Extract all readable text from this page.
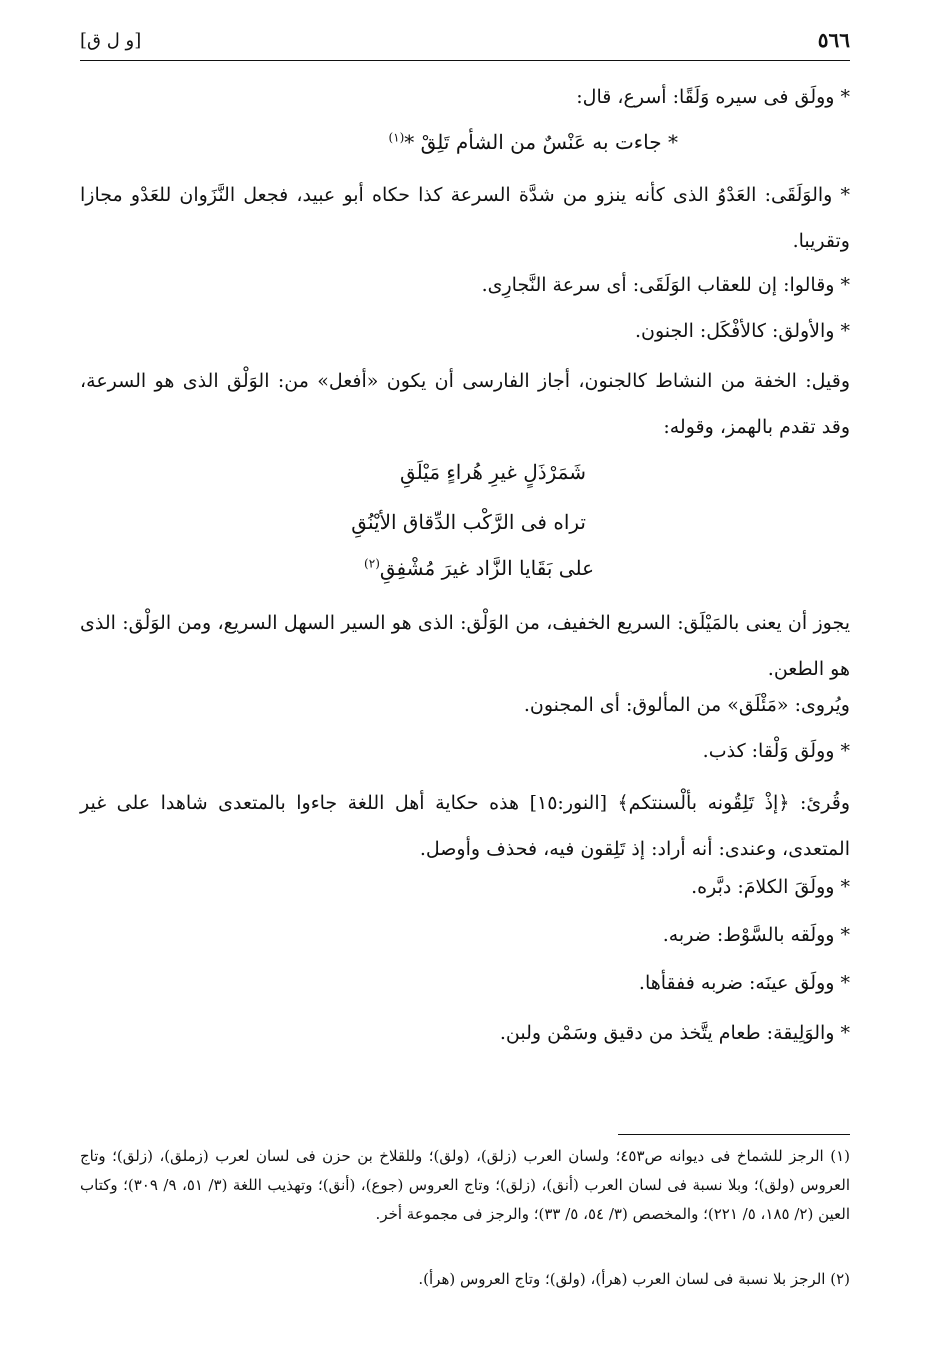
٥٦٦
[و ل ق]
* وولَق فى سيره وَلَقًا: أسرع، قال:
* جاءت به عَنْسٌ من الشأم تَلِقْ *$^{(١)}$
* والوَلَقَى: العَدْوُ الذى كأنه ينزو من شدَّة السرعة كذا حكاه أبو عبيد، فجعل النَّزَوان للعَدْو مجازا وتقريبا.
* وقالوا: إن للعقاب الوَلَقَى: أى سرعة النَّجارِى.
* والأولق: كالأفْكَل: الجنون.
وقيل: الخفة من النشاط كالجنون، أجاز الفارسى أن يكون «أفعل» من: الوَلْق الذى هو السرعة، وقد تقدم بالهمز، وقوله:
شَمَرْذَلٍ غيرِ هُراءٍ مَيْلَقِ
تراه فى الرَّكْب الدِّقاق الأيْنُقِ
على بَقَايا الزَّاد غيرَ مُشْفِقِ$^{(٢)}$
يجوز أن يعنى بالمَيْلَق: السريع الخفيف، من الوَلْق: الذى هو السير السهل السريع، ومن الوَلْق: الذى هو الطعن.
ويُروى: «مَئْلَق» من المألوق: أى المجنون.
* وولَق وَلْقا: كذب.
وقُرئ: ﴿إذْ تَلِقُونه بألْسنتكم﴾ [النور:١٥] هذه حكاية أهل اللغة جاءوا بالمتعدى شاهدا على غير المتعدى، وعندى: أنه أراد: إذ تَلِقون فيه، فحذف وأوصل.
* وولَقَ الكلامَ: دبَّره.
* وولَقه بالسَّوْط: ضربه.
* وولَق عينَه: ضربه ففقأها.
* والوَلِيقة: طعام يتَّخذ من دقيق وسَمْن ولبن.
(١) الرجز للشماخ فى ديوانه ص٤٥٣؛ ولسان العرب (زلق)، (ولق)؛ وللقلاخ بن حزن فى لسان لعرب (زملق)، (زلق)؛ وتاج العروس (ولق)؛ وبلا نسبة فى لسان العرب (أنق)، (زلق)؛ وتاج العروس (جوع)، (أنق)؛ وتهذيب اللغة (٣/ ٥١، ٩/ ٣٠٩)؛ وكتاب العين (٢/ ١٨٥، ٥/ ٢٢١)؛ والمخصص (٣/ ٥٤، ٥/ ٣٣)؛ والرجز فى مجموعة أخر.
(٢) الرجز بلا نسبة فى لسان العرب (هرأ)، (ولق)؛ وتاج العروس (هرأ).
